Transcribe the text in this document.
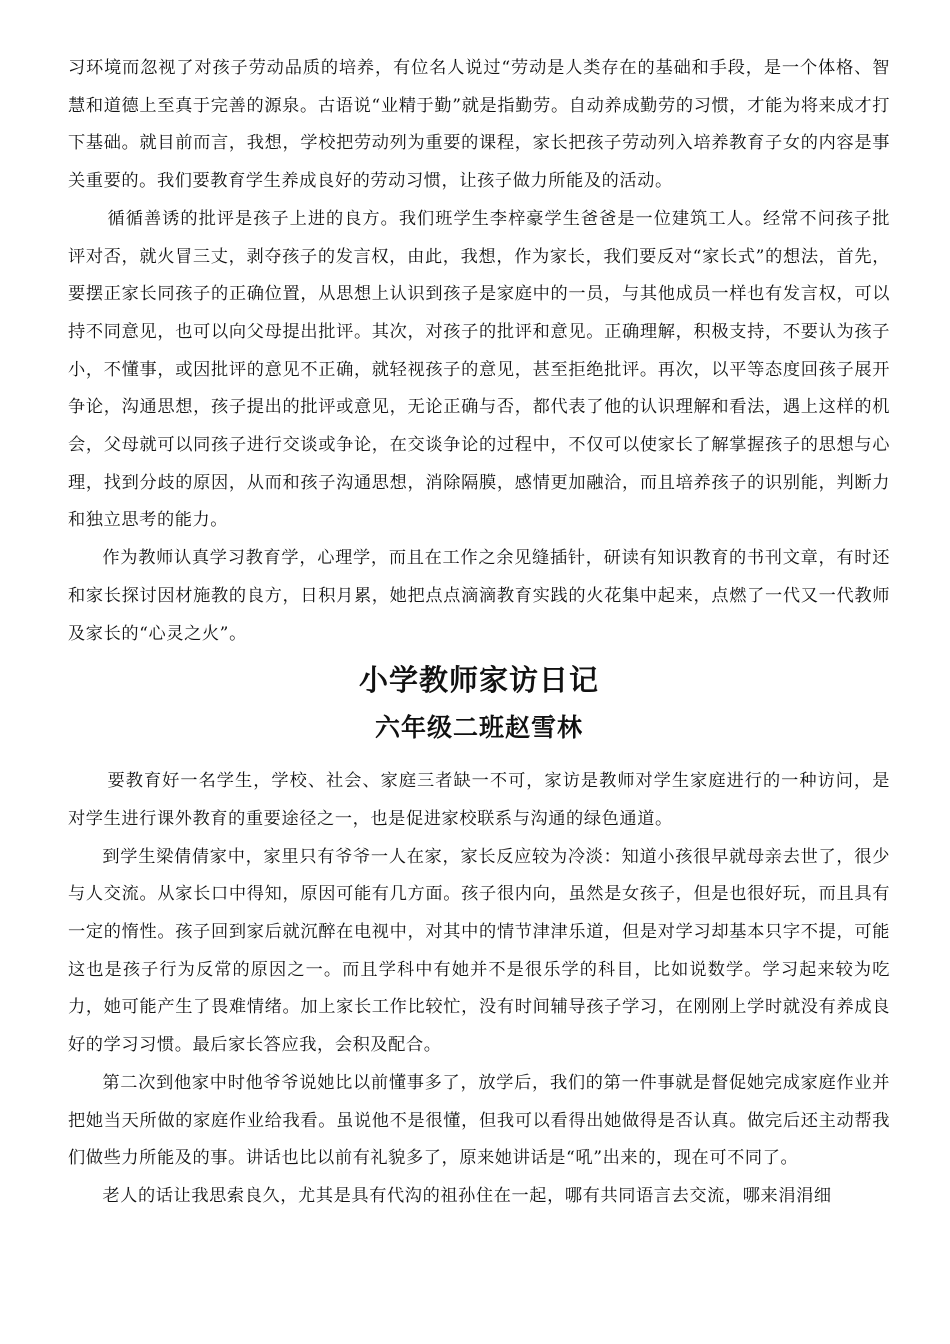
习环境而忽视了对孩子劳动品质的培养，有位名人说过“劳动是人类存在的基础和手段，是一个体格、智慧和道德上至真于完善的源泉。古语说“业精于勤”就是指勤劳。自动养成勤劳的习惯，才能为将来成才打下基础。就目前而言，我想，学校把劳动列为重要的课程，家长把孩子劳动列入培养教育子女的内容是事关重要的。我们要教育学生养成良好的劳动习惯，让孩子做力所能及的活动。

循循善诱的批评是孩子上进的良方。我们班学生李梓豪学生爸爸是一位建筑工人。经常不问孩子批评对否，就火冒三丈，剥夺孩子的发言权，由此，我想，作为家长，我们要反对“家长式”的想法，首先，要摆正家长同孩子的正确位置，从思想上认识到孩子是家庭中的一员，与其他成员一样也有发言权，可以持不同意见，也可以向父母提出批评。其次，对孩子的批评和意见。正确理解，积极支持，不要认为孩子小，不懂事，或因批评的意见不正确，就轻视孩子的意见，甚至拒绝批评。再次，以平等态度回孩子展开争论，沟通思想，孩子提出的批评或意见，无论正确与否，都代表了他的认识理解和看法，遇上这样的机会，父母就可以同孩子进行交谈或争论，在交谈争论的过程中，不仅可以使家长了解掌握孩子的思想与心理，找到分歧的原因，从而和孩子沟通思想，消除隔膜，感情更加融洽，而且培养孩子的识别能，判断力和独立思考的能力。

作为教师认真学习教育学，心理学，而且在工作之余见缝插针，研读有知识教育的书刊文章，有时还和家长探讨因材施教的良方，日积月累，她把点点滴滴教育实践的火花集中起来，点燃了一代又一代教师及家长的“心灵之火”。

小学教师家访日记
六年级二班赵雪林

要教育好一名学生，学校、社会、家庭三者缺一不可，家访是教师对学生家庭进行的一种访问，是对学生进行课外教育的重要途径之一，也是促进家校联系与沟通的绿色通道。

到学生梁倩倩家中，家里只有爷爷一人在家，家长反应较为冷淡：知道小孩很早就母亲去世了，很少与人交流。从家长口中得知，原因可能有几方面。孩子很内向，虽然是女孩子，但是也很好玩，而且具有一定的惰性。孩子回到家后就沉醉在电视中，对其中的情节津津乐道，但是对学习却基本只字不提，可能这也是孩子行为反常的原因之一。而且学科中有她并不是很乐学的科目，比如说数学。学习起来较为吃力，她可能产生了畏难情绪。加上家长工作比较忙，没有时间辅导孩子学习，在刚刚上学时就没有养成良好的学习习惯。最后家长答应我，会积及配合。

第二次到他家中时他爷爷说她比以前懂事多了，放学后，我们的第一件事就是督促她完成家庭作业并把她当天所做的家庭作业给我看。虽说他不是很懂，但我可以看得出她做得是否认真。做完后还主动帮我们做些力所能及的事。讲话也比以前有礼貌多了，原来她讲话是“吼”出来的，现在可不同了。

老人的话让我思索良久，尤其是具有代沟的祖孙住在一起，哪有共同语言去交流，哪来涓涓细
